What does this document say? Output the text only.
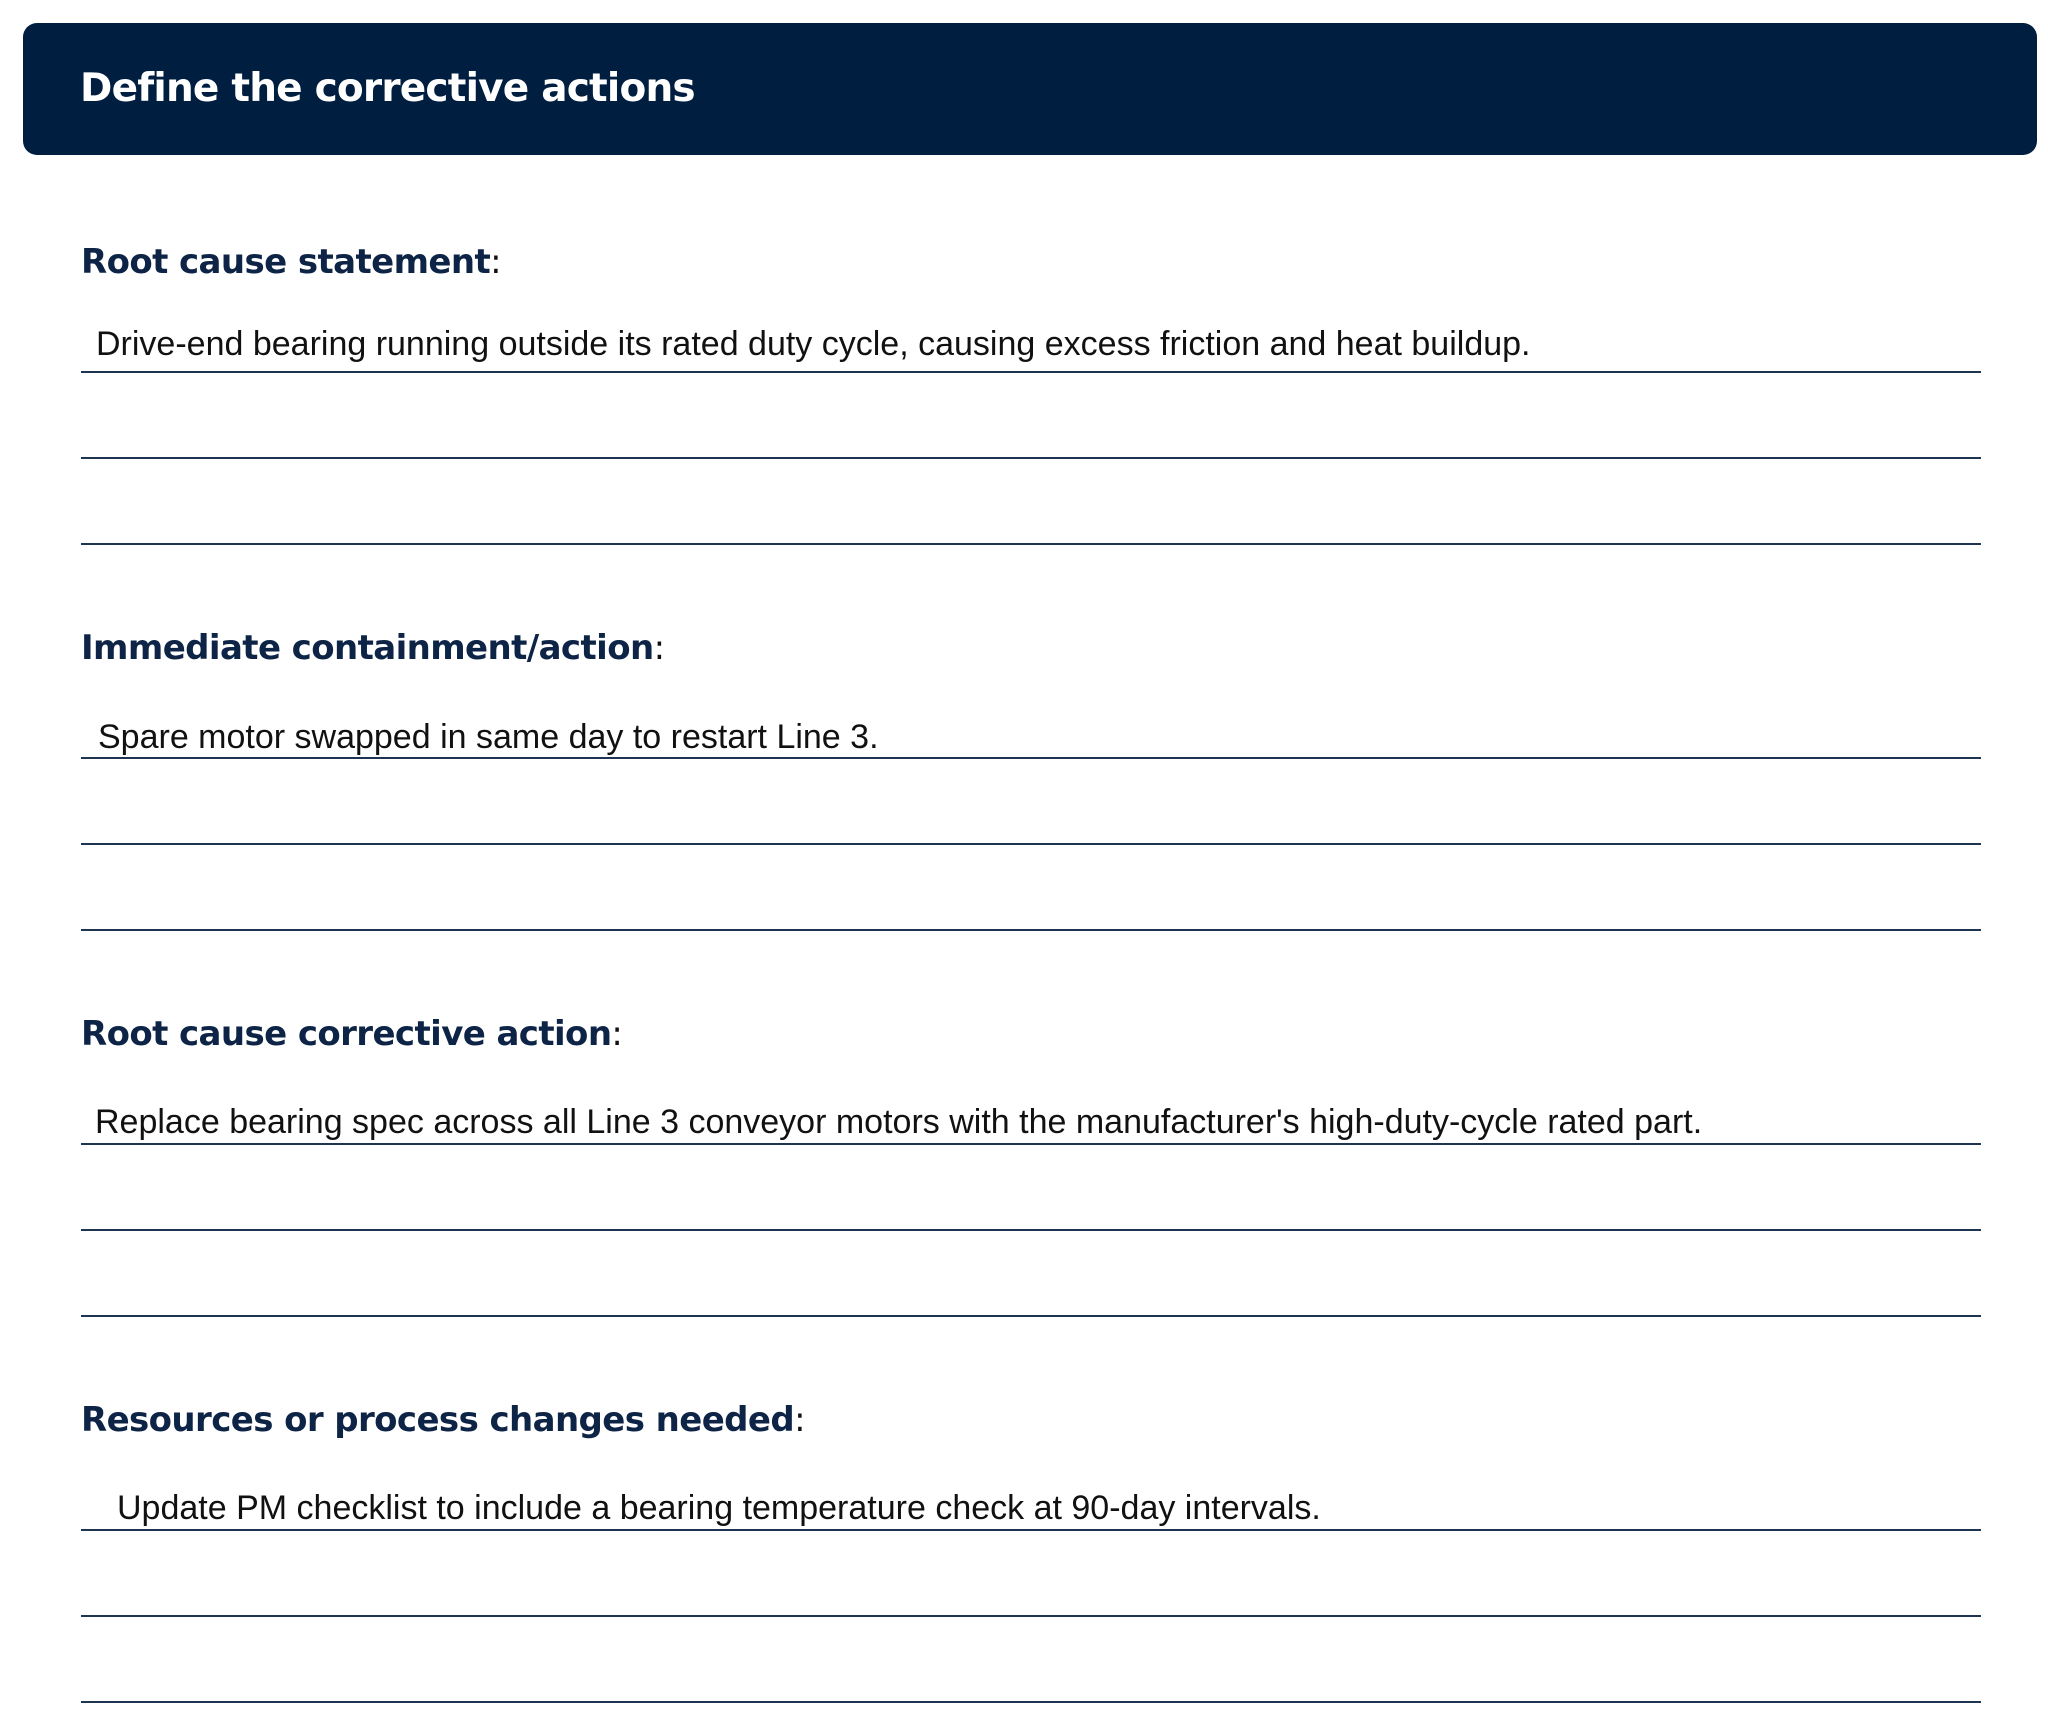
Define the corrective actions
Root cause statement:
Drive-end bearing running outside its rated duty cycle, causing excess friction and heat buildup.
Immediate containment/action:
Spare motor swapped in same day to restart Line 3.
Root cause corrective action:
Replace bearing spec across all Line 3 conveyor motors with the manufacturer's high-duty-cycle rated part.
Resources or process changes needed:
Update PM checklist to include a bearing temperature check at 90-day intervals.
